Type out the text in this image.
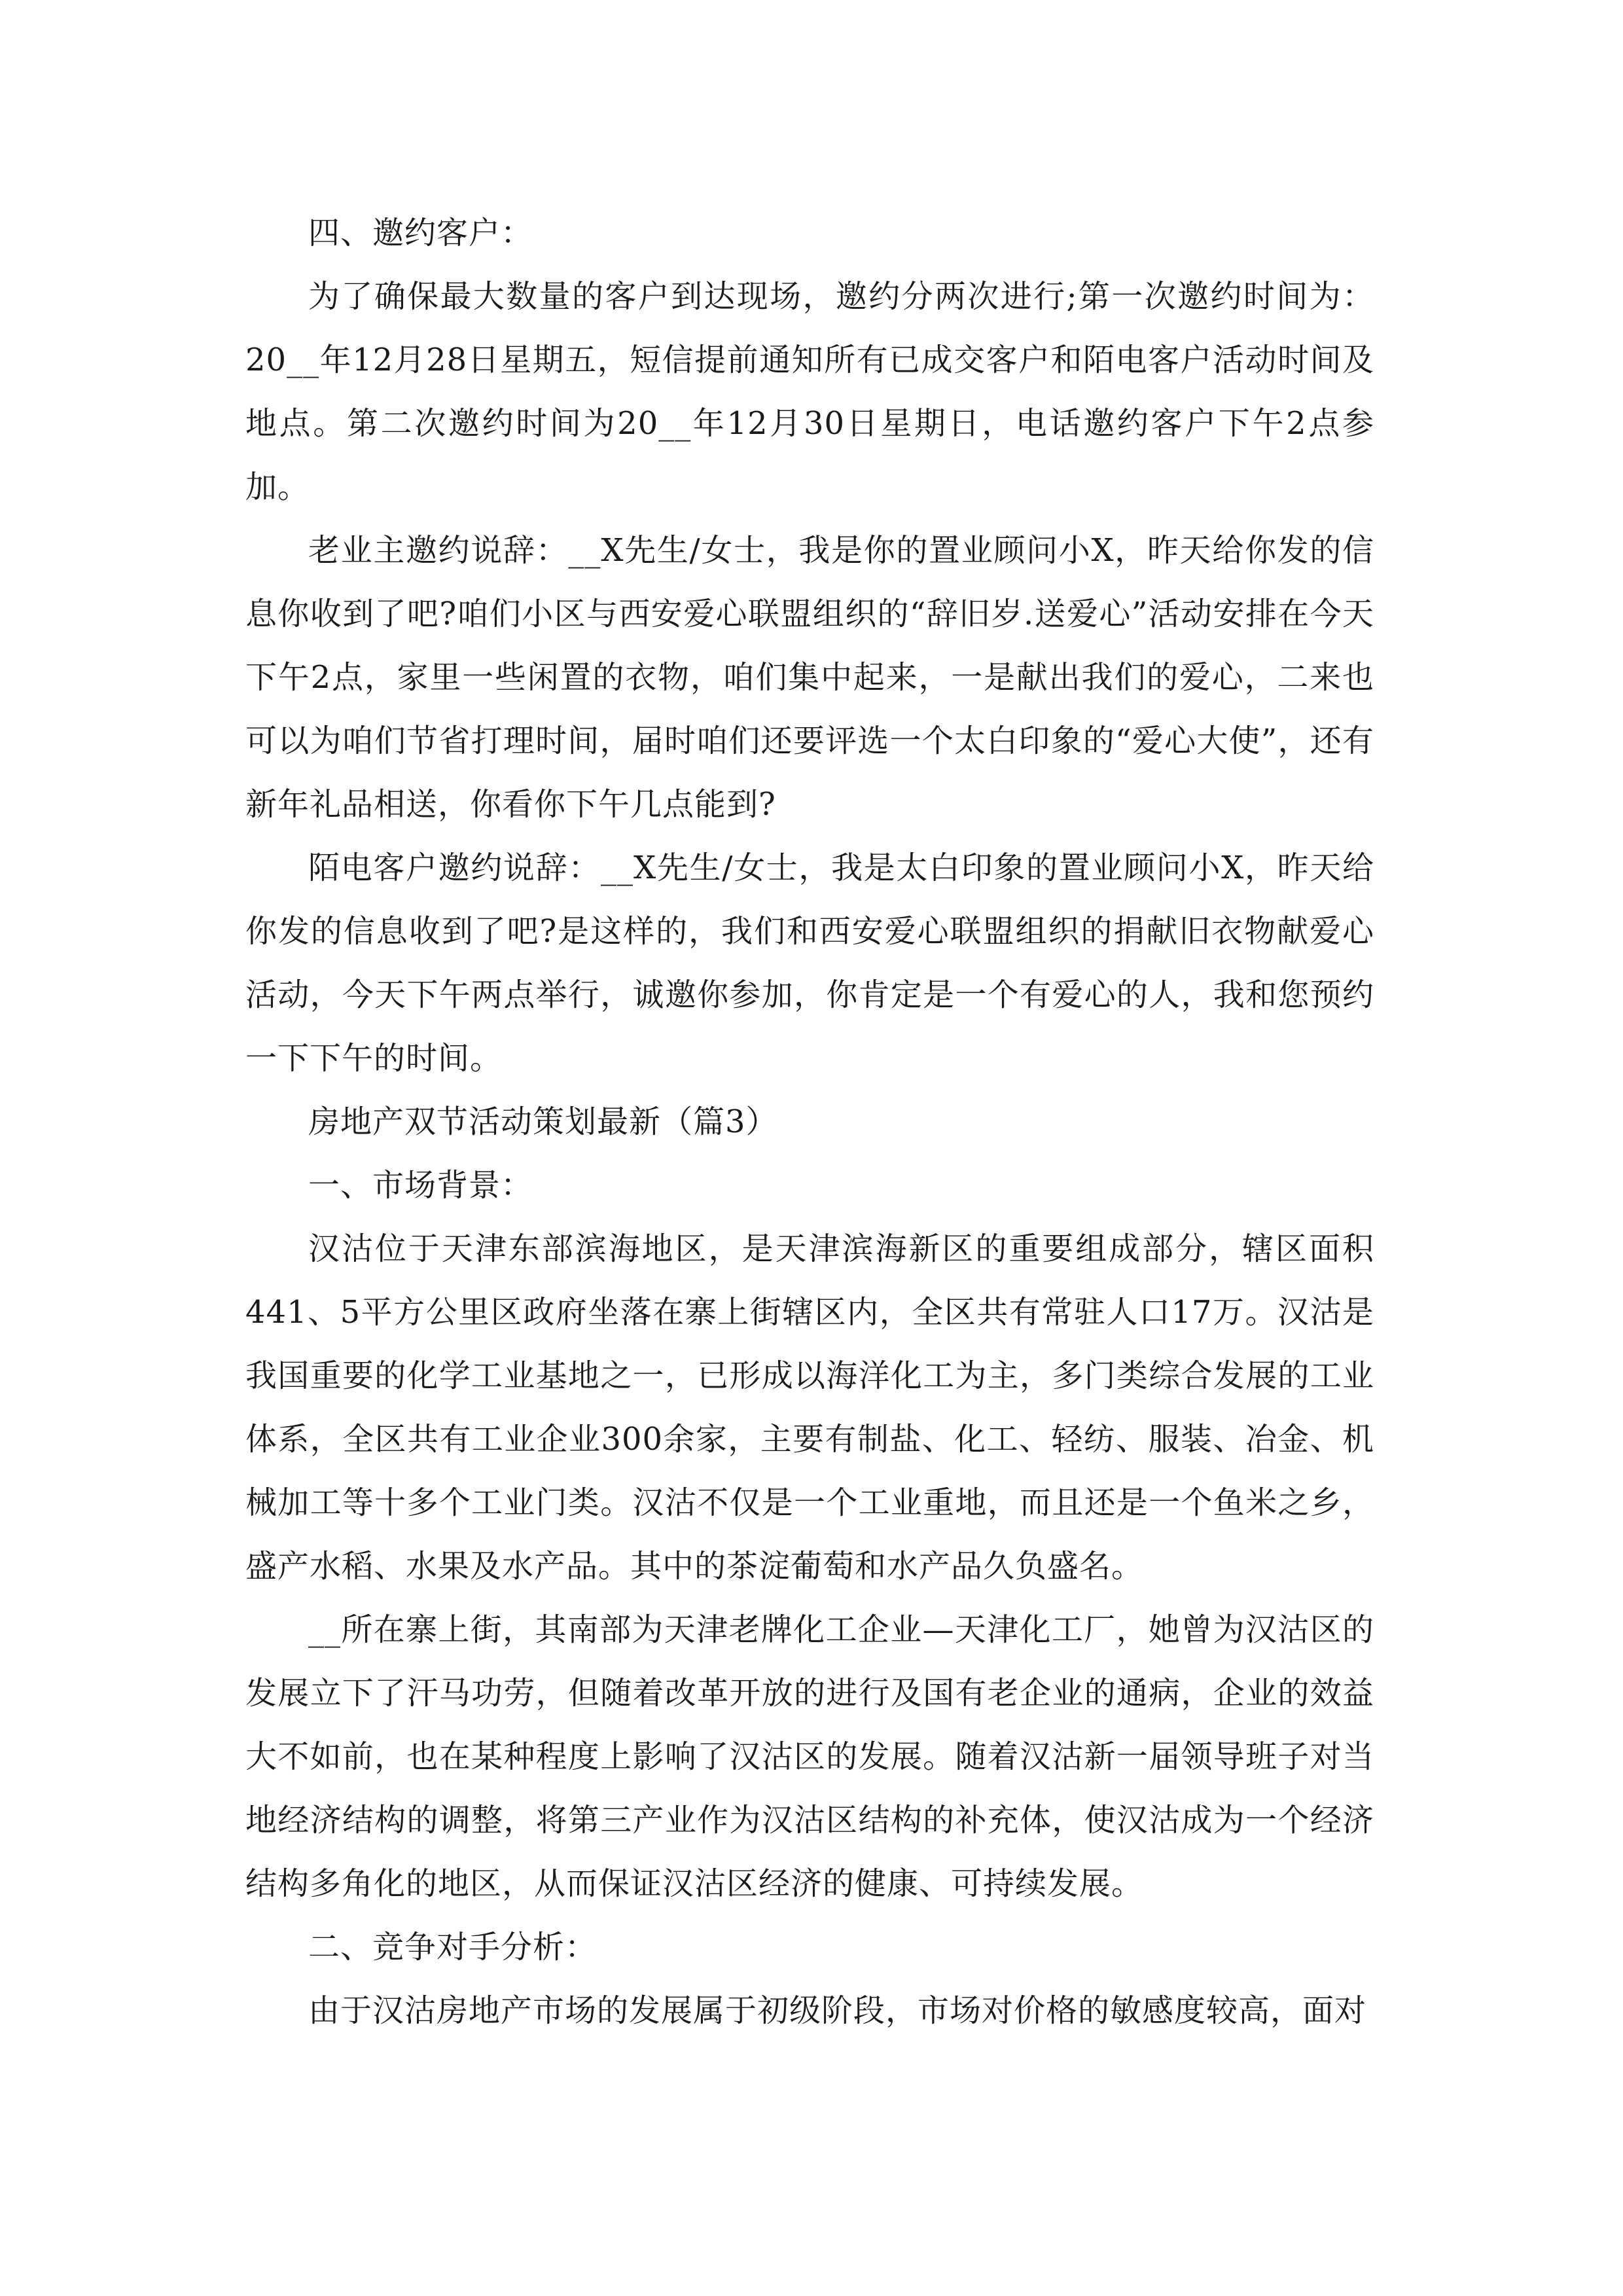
四、邀约客户：

为了确保最大数量的客户到达现场，邀约分两次进行;第一次邀约时间为：20__年12月28日星期五，短信提前通知所有已成交客户和陌电客户活动时间及地点。第二次邀约时间为20__年12月30日星期日，电话邀约客户下午2点参加。

老业主邀约说辞：__X先生/女士，我是你的置业顾问小X，昨天给你发的信息你收到了吧?咱们小区与西安爱心联盟组织的“辞旧岁.送爱心”活动安排在今天下午2点，家里一些闲置的衣物，咱们集中起来，一是献出我们的爱心，二来也可以为咱们节省打理时间，届时咱们还要评选一个太白印象的“爱心大使”，还有新年礼品相送，你看你下午几点能到?

陌电客户邀约说辞：__X先生/女士，我是太白印象的置业顾问小X，昨天给你发的信息收到了吧?是这样的，我们和西安爱心联盟组织的捐献旧衣物献爱心活动，今天下午两点举行，诚邀你参加，你肯定是一个有爱心的人，我和您预约一下下午的时间。

房地产双节活动策划最新（篇3）

一、市场背景：

汉沽位于天津东部滨海地区，是天津滨海新区的重要组成部分，辖区面积441、5平方公里区政府坐落在寨上街辖区内，全区共有常驻人口17万。汉沽是我国重要的化学工业基地之一，已形成以海洋化工为主，多门类综合发展的工业体系，全区共有工业企业300余家，主要有制盐、化工、轻纺、服装、冶金、机械加工等十多个工业门类。汉沽不仅是一个工业重地，而且还是一个鱼米之乡，盛产水稻、水果及水产品。其中的茶淀葡萄和水产品久负盛名。

__所在寨上街，其南部为天津老牌化工企业—天津化工厂，她曾为汉沽区的发展立下了汗马功劳，但随着改革开放的进行及国有老企业的通病，企业的效益大不如前，也在某种程度上影响了汉沽区的发展。随着汉沽新一届领导班子对当地经济结构的调整，将第三产业作为汉沽区结构的补充体，使汉沽成为一个经济结构多角化的地区，从而保证汉沽区经济的健康、可持续发展。

二、竞争对手分析：

由于汉沽房地产市场的发展属于初级阶段，市场对价格的敏感度较高，面对
